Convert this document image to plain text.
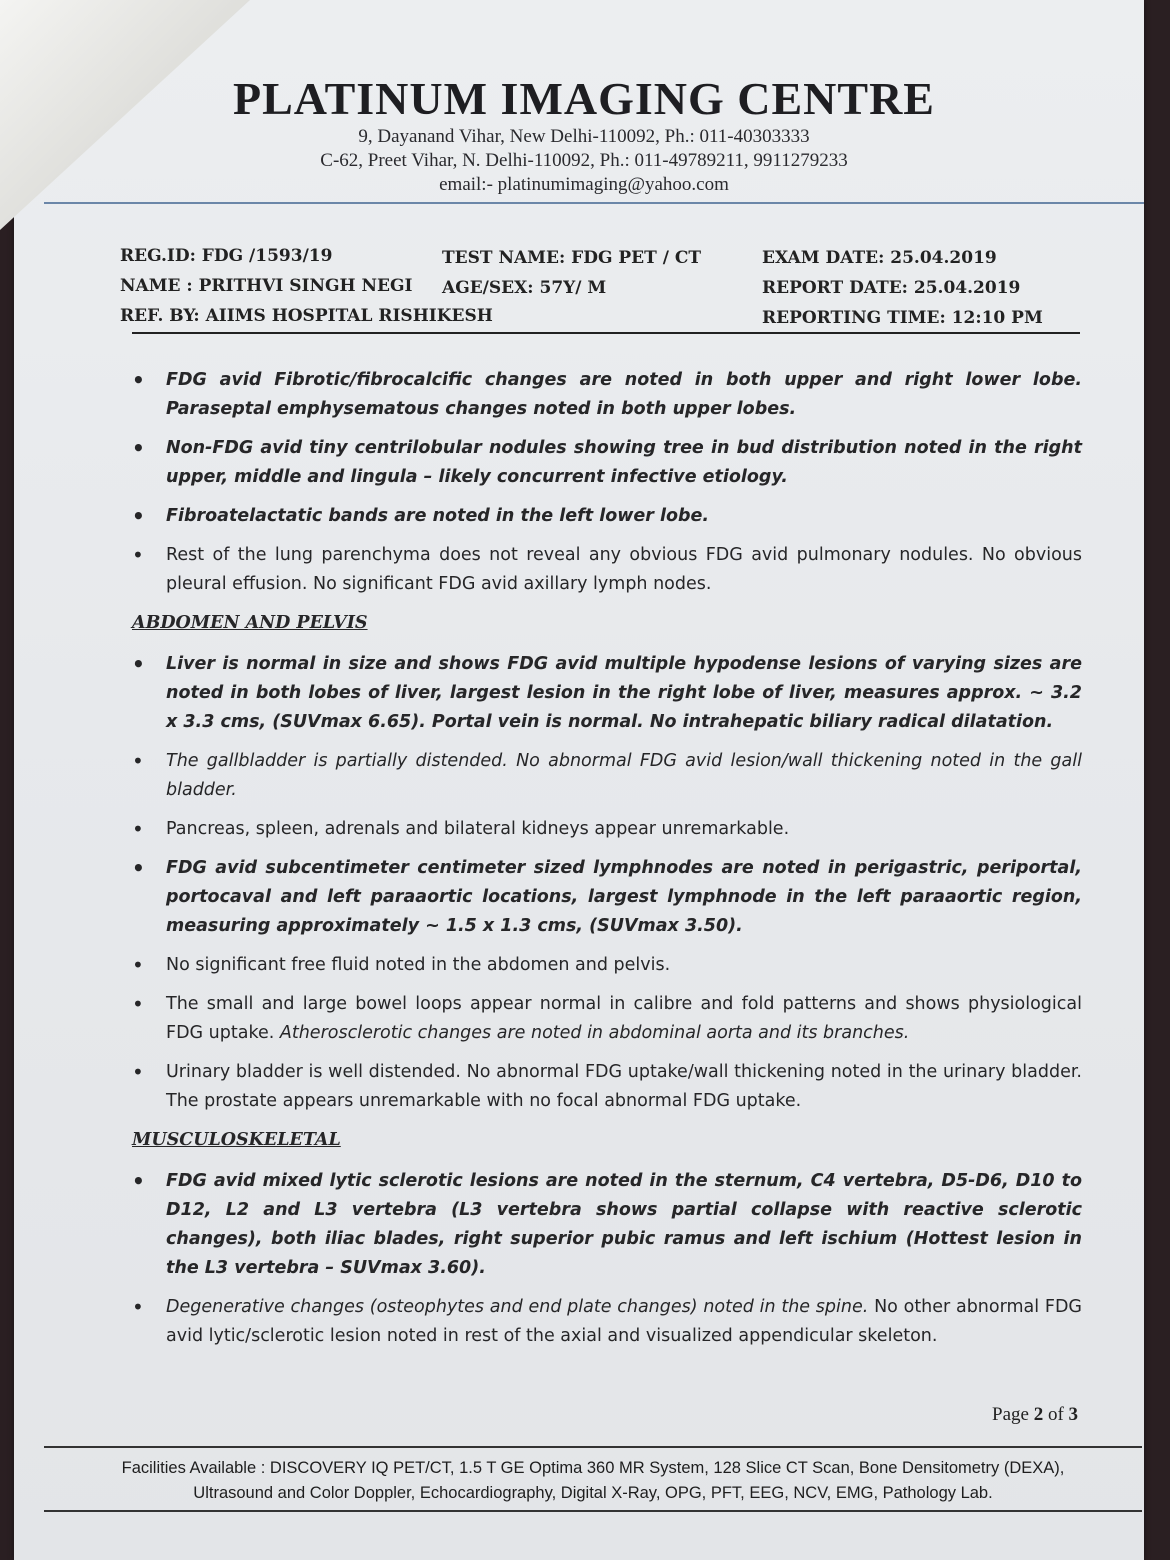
PLATINUM IMAGING CENTRE
9, Dayanand Vihar, New Delhi-110092, Ph.: 011-40303333
C-62, Preet Vihar, N. Delhi-110092, Ph.: 011-49789211, 9911279233
email:- platinumimaging@yahoo.com
REG.ID: FDG /1593/19
NAME : PRITHVI SINGH NEGI
REF. BY: AIIMS HOSPITAL RISHIKESH
TEST NAME: FDG PET / CT
AGE/SEX: 57Y/ M
EXAM DATE: 25.04.2019
REPORT DATE: 25.04.2019
REPORTING TIME: 12:10 PM
• FDG avid Fibrotic/fibrocalcific changes are noted in both upper and right lower lobe. Paraseptal emphysematous changes noted in both upper lobes.
• Non-FDG avid tiny centrilobular nodules showing tree in bud distribution noted in the right upper, middle and lingula – likely concurrent infective etiology.
• Fibroatelactatic bands are noted in the left lower lobe.
• Rest of the lung parenchyma does not reveal any obvious FDG avid pulmonary nodules. No obvious pleural effusion. No significant FDG avid axillary lymph nodes.
ABDOMEN AND PELVIS
• Liver is normal in size and shows FDG avid multiple hypodense lesions of varying sizes are noted in both lobes of liver, largest lesion in the right lobe of liver, measures approx. ~ 3.2 x 3.3 cms, (SUVmax 6.65). Portal vein is normal. No intrahepatic biliary radical dilatation.
• The gallbladder is partially distended. No abnormal FDG avid lesion/wall thickening noted in the gall bladder.
• Pancreas, spleen, adrenals and bilateral kidneys appear unremarkable.
• FDG avid subcentimeter centimeter sized lymphnodes are noted in perigastric, periportal, portocaval and left paraaortic locations, largest lymphnode in the left paraaortic region, measuring approximately ~ 1.5 x 1.3 cms, (SUVmax 3.50).
• No significant free fluid noted in the abdomen and pelvis.
• The small and large bowel loops appear normal in calibre and fold patterns and shows physiological FDG uptake. Atherosclerotic changes are noted in abdominal aorta and its branches.
• Urinary bladder is well distended. No abnormal FDG uptake/wall thickening noted in the urinary bladder. The prostate appears unremarkable with no focal abnormal FDG uptake.
MUSCULOSKELETAL
• FDG avid mixed lytic sclerotic lesions are noted in the sternum, C4 vertebra, D5-D6, D10 to D12, L2 and L3 vertebra (L3 vertebra shows partial collapse with reactive sclerotic changes), both iliac blades, right superior pubic ramus and left ischium (Hottest lesion in the L3 vertebra – SUVmax 3.60).
• Degenerative changes (osteophytes and end plate changes) noted in the spine. No other abnormal FDG avid lytic/sclerotic lesion noted in rest of the axial and visualized appendicular skeleton.
Page 2 of 3
Facilities Available : DISCOVERY IQ PET/CT, 1.5 T GE Optima 360 MR System, 128 Slice CT Scan, Bone Densitometry (DEXA),
Ultrasound and Color Doppler, Echocardiography, Digital X-Ray, OPG, PFT, EEG, NCV, EMG, Pathology Lab.
